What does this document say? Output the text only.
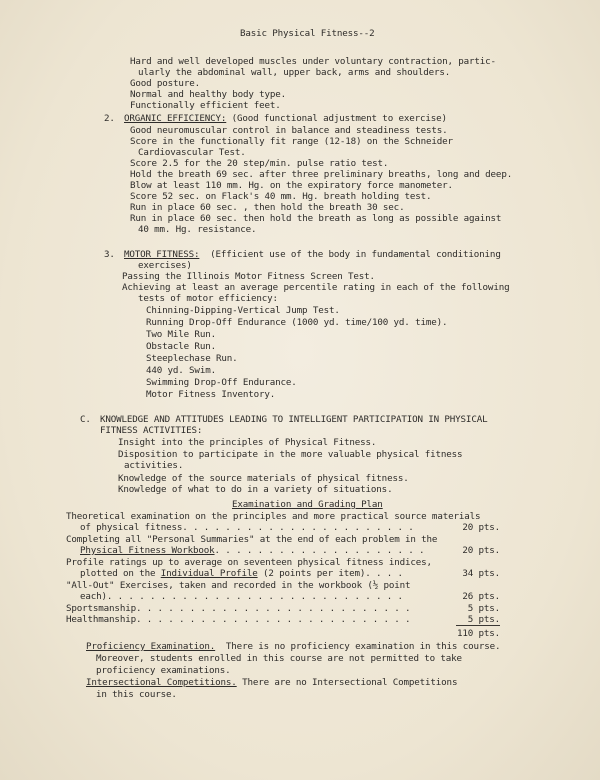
Basic Physical Fitness--2
Hard and well developed muscles under voluntary contraction, partic-
ularly the abdominal wall, upper back, arms and shoulders.
Good posture.
Normal and healthy body type.
Functionally efficient feet.
2. ORGANIC EFFICIENCY: (Good functional adjustment to exercise)
Good neuromuscular control in balance and steadiness tests.
Score in the functionally fit range (12-18) on the Schneider
Cardiovascular Test.
Score 2.5 for the 20 step/min. pulse ratio test.
Hold the breath 69 sec. after three preliminary breaths, long and deep.
Blow at least 110 mm. Hg. on the expiratory force manometer.
Score 52 sec. on Flack's 40 mm. Hg. breath holding test.
Run in place 60 sec. , then hold the breath 30 sec.
Run in place 60 sec. then hold the breath as long as possible against
40 mm. Hg. resistance.
3. MOTOR FITNESS:  (Efficient use of the body in fundamental conditioning
exercises)
Passing the Illinois Motor Fitness Screen Test.
Achieving at least an average percentile rating in each of the following
tests of motor efficiency:
Chinning-Dipping-Vertical Jump Test.
Running Drop-Off Endurance (1000 yd. time/100 yd. time).
Two Mile Run.
Obstacle Run.
Steeplechase Run.
440 yd. Swim.
Swimming Drop-Off Endurance.
Motor Fitness Inventory.
C. KNOWLEDGE AND ATTITUDES LEADING TO INTELLIGENT PARTICIPATION IN PHYSICAL
FITNESS ACTIVITIES:
Insight into the principles of Physical Fitness.
Disposition to participate in the more valuable physical fitness
activities.
Knowledge of the source materials of physical fitness.
Knowledge of what to do in a variety of situations.
Examination and Grading Plan
Theoretical examination on the principles and more practical source materials
of physical fitness. . . . . . . . . . . . . . . . . . . . . .	20 pts.
Completing all "Personal Summaries" at the end of each problem in the
Physical Fitness Workbook. . . . . . . . . . . . . . . . . . . .	20 pts.
Profile ratings up to average on seventeen physical fitness indices,
plotted on the Individual Profile (2 points per item). . . .	34 pts.
"All-Out" Exercises, taken and recorded in the workbook (½ point
each). . . . . . . . . . . . . . . . . . . . . . . . . . . .	26 pts.
Sportsmanship. . . . . . . . . . . . . . . . . . . . . . . . . .	5 pts.
Healthmanship. . . . . . . . . . . . . . . . . . . . . . . . . .	5 pts.
110 pts.
Proficiency Examination.  There is no proficiency examination in this course.
Moreover, students enrolled in this course are not permitted to take
proficiency examinations.
Intersectional Competitions. There are no Intersectional Competitions
in this course.
